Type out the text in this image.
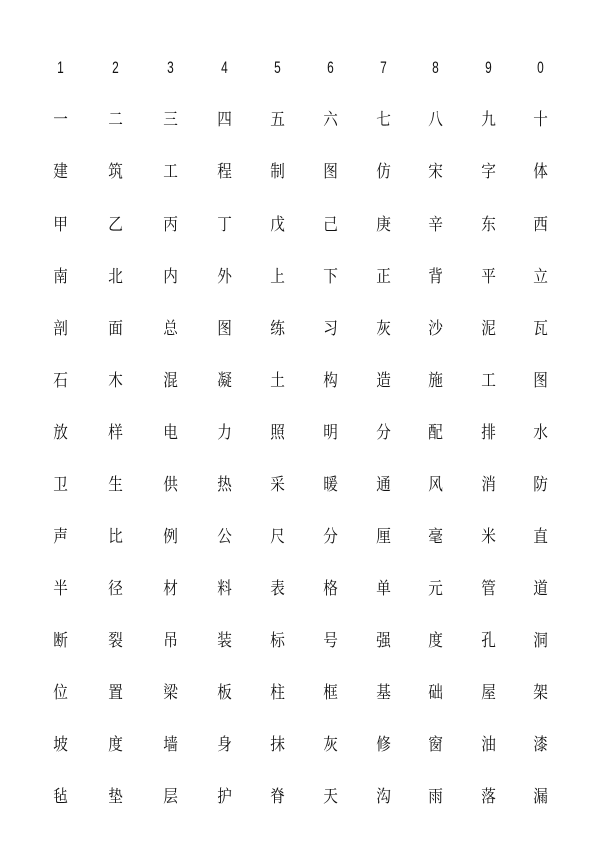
1	2	3	4	5	6	7	8	9	0
一	二	三	四	五	六	七	八	九	十
建	筑	工	程	制	图	仿	宋	字	体
甲	乙	丙	丁	戊	己	庚	辛	东	西
南	北	内	外	上	下	正	背	平	立
剖	面	总	图	练	习	灰	沙	泥	瓦
石	木	混	凝	土	构	造	施	工	图
放	样	电	力	照	明	分	配	排	水
卫	生	供	热	采	暖	通	风	消	防
声	比	例	公	尺	分	厘	毫	米	直
半	径	材	料	表	格	单	元	管	道
断	裂	吊	装	标	号	强	度	孔	洞
位	置	梁	板	柱	框	基	础	屋	架
坡	度	墙	身	抹	灰	修	窗	油	漆
毡	垫	层	护	脊	天	沟	雨	落	漏
